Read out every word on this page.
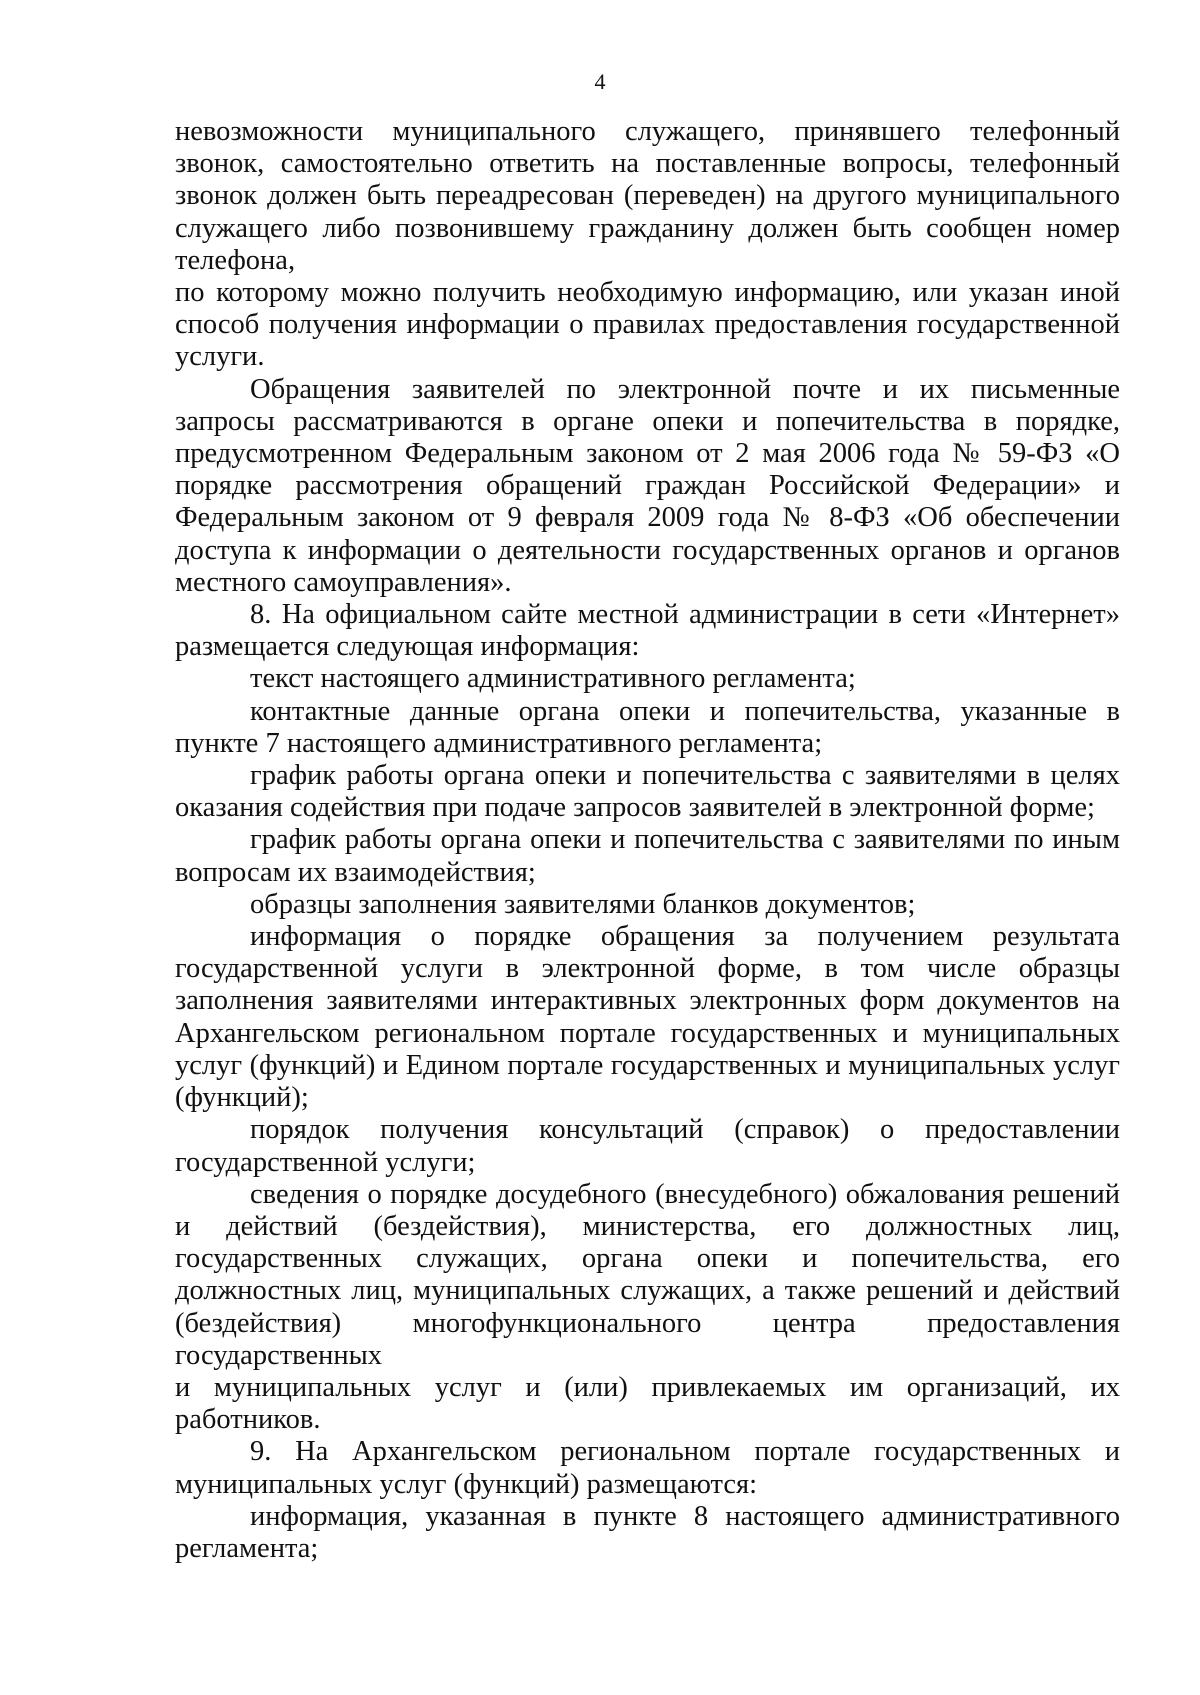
4

невозможности муниципального служащего, принявшего телефонный звонок, самостоятельно ответить на поставленные вопросы, телефонный звонок должен быть переадресован (переведен) на другого муниципального служащего либо позвонившему гражданину должен быть сообщен номер телефона,

по которому можно получить необходимую информацию, или указан иной способ получения информации о правилах предоставления государственной услуги.

Обращения заявителей по электронной почте и их письменные запросы рассматриваются в органе опеки и попечительства в порядке, предусмотренном Федеральным законом от 2 мая 2006 года № 59-ФЗ «О порядке рассмотрения обращений граждан Российской Федерации» и Федеральным законом от 9 февраля 2009 года № 8-ФЗ «Об обеспечении доступа к информации о деятельности государственных органов и органов местного самоуправления».

8. На официальном сайте местной администрации в сети «Интернет» размещается следующая информация:

текст настоящего административного регламента;

контактные данные органа опеки и попечительства, указанные в пункте 7 настоящего административного регламента;

график работы органа опеки и попечительства с заявителями в целях оказания содействия при подаче запросов заявителей в электронной форме;

график работы органа опеки и попечительства с заявителями по иным вопросам их взаимодействия;

образцы заполнения заявителями бланков документов;

информация о порядке обращения за получением результата государственной услуги в электронной форме, в том числе образцы заполнения заявителями интерактивных электронных форм документов на Архангельском региональном портале государственных и муниципальных услуг (функций) и Едином портале государственных и муниципальных услуг (функций);

порядок получения консультаций (справок) о предоставлении государственной услуги;

сведения о порядке досудебного (внесудебного) обжалования решений и действий (бездействия), министерства, его должностных лиц, государственных служащих, органа опеки и попечительства, его должностных лиц, муниципальных служащих, а также решений и действий (бездействия) многофункционального центра предоставления государственных

и муниципальных услуг и (или) привлекаемых им организаций, их работников.

9. На Архангельском региональном портале государственных и муниципальных услуг (функций) размещаются:

информация, указанная в пункте 8 настоящего административного регламента;
